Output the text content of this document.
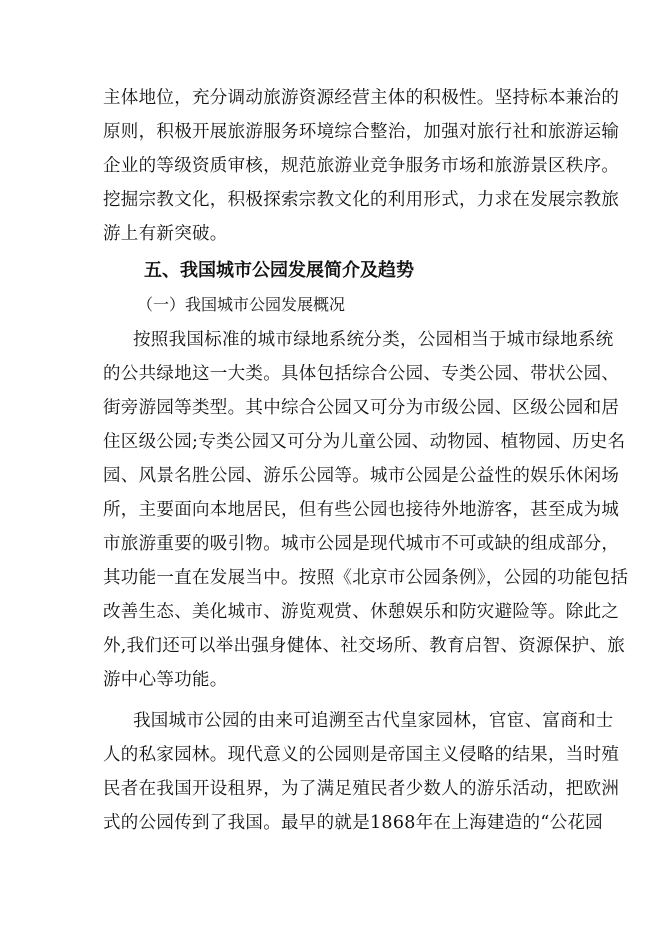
主体地位，充分调动旅游资源经营主体的积极性。坚持标本兼治的
原则，积极开展旅游服务环境综合整治，加强对旅行社和旅游运输
企业的等级资质审核，规范旅游业竞争服务市场和旅游景区秩序。
挖掘宗教文化，积极探索宗教文化的利用形式，力求在发展宗教旅
游上有新突破。
五、我国城市公园发展简介及趋势
（一）我国城市公园发展概况
按照我国标准的城市绿地系统分类，公园相当于城市绿地系统
的公共绿地这一大类。具体包括综合公园、专类公园、带状公园、
街旁游园等类型。其中综合公园又可分为市级公园、区级公园和居
住区级公园;专类公园又可分为儿童公园、动物园、植物园、历史名
园、风景名胜公园、游乐公园等。城市公园是公益性的娱乐休闲场
所，主要面向本地居民，但有些公园也接待外地游客，甚至成为城
市旅游重要的吸引物。城市公园是现代城市不可或缺的组成部分，
其功能一直在发展当中。按照《北京市公园条例》，公园的功能包括
改善生态、美化城市、游览观赏、休憩娱乐和防灾避险等。除此之
外,我们还可以举出强身健体、社交场所、教育启智、资源保护、旅
游中心等功能。
我国城市公园的由来可追溯至古代皇家园林，官宦、富商和士
人的私家园林。现代意义的公园则是帝国主义侵略的结果，当时殖
民者在我国开设租界，为了满足殖民者少数人的游乐活动，把欧洲
式的公园传到了我国。最早的就是1868年在上海建造的“公花园
